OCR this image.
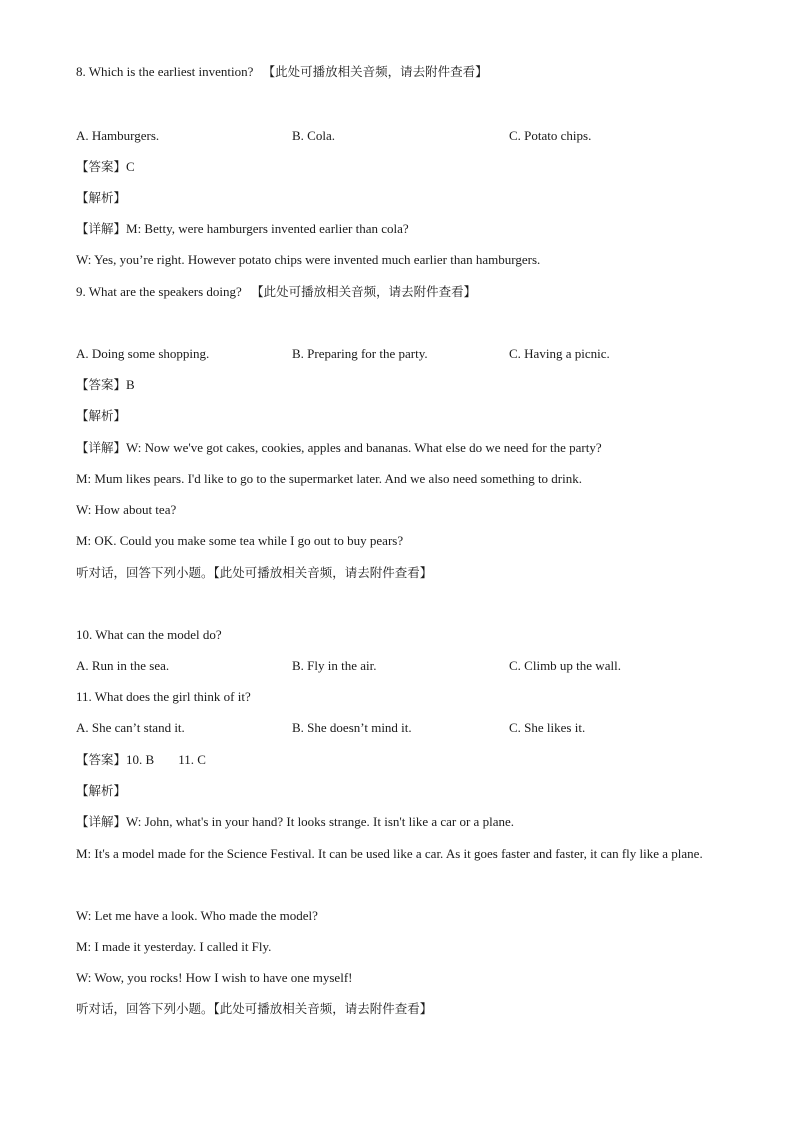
8. Which is the earliest invention? 【此处可播放相关音频，请去附件查看】
A. Hamburgers.	B. Cola.	C. Potato chips.
【答案】C
【解析】
【详解】M: Betty, were hamburgers invented earlier than cola?
W: Yes, you’re right. However potato chips were invented much earlier than hamburgers.
9. What are the speakers doing? 【此处可播放相关音频，请去附件查看】
A. Doing some shopping.	B. Preparing for the party.	C. Having a picnic.
【答案】B
【解析】
【详解】W: Now we've got cakes, cookies, apples and bananas. What else do we need for the party?
M: Mum likes pears. I'd like to go to the supermarket later. And we also need something to drink.
W: How about tea?
M: OK. Could you make some tea while I go out to buy pears?
听对话，回答下列小题。【此处可播放相关音频，请去附件查看】
10. What can the model do?
A. Run in the sea.	B. Fly in the air.	C. Climb up the wall.
11. What does the girl think of it?
A. She can’t stand it.	B. She doesn’t mind it.	C. She likes it.
【答案】10. B 11. C
【解析】
【详解】W: John, what's in your hand? It looks strange. It isn't like a car or a plane.
M: It's a model made for the Science Festival. It can be used like a car. As it goes faster and faster, it can fly like a plane.
W: Let me have a look. Who made the model?
M: I made it yesterday. I called it Fly.
W: Wow, you rocks! How I wish to have one myself!
听对话，回答下列小题。【此处可播放相关音频，请去附件查看】
